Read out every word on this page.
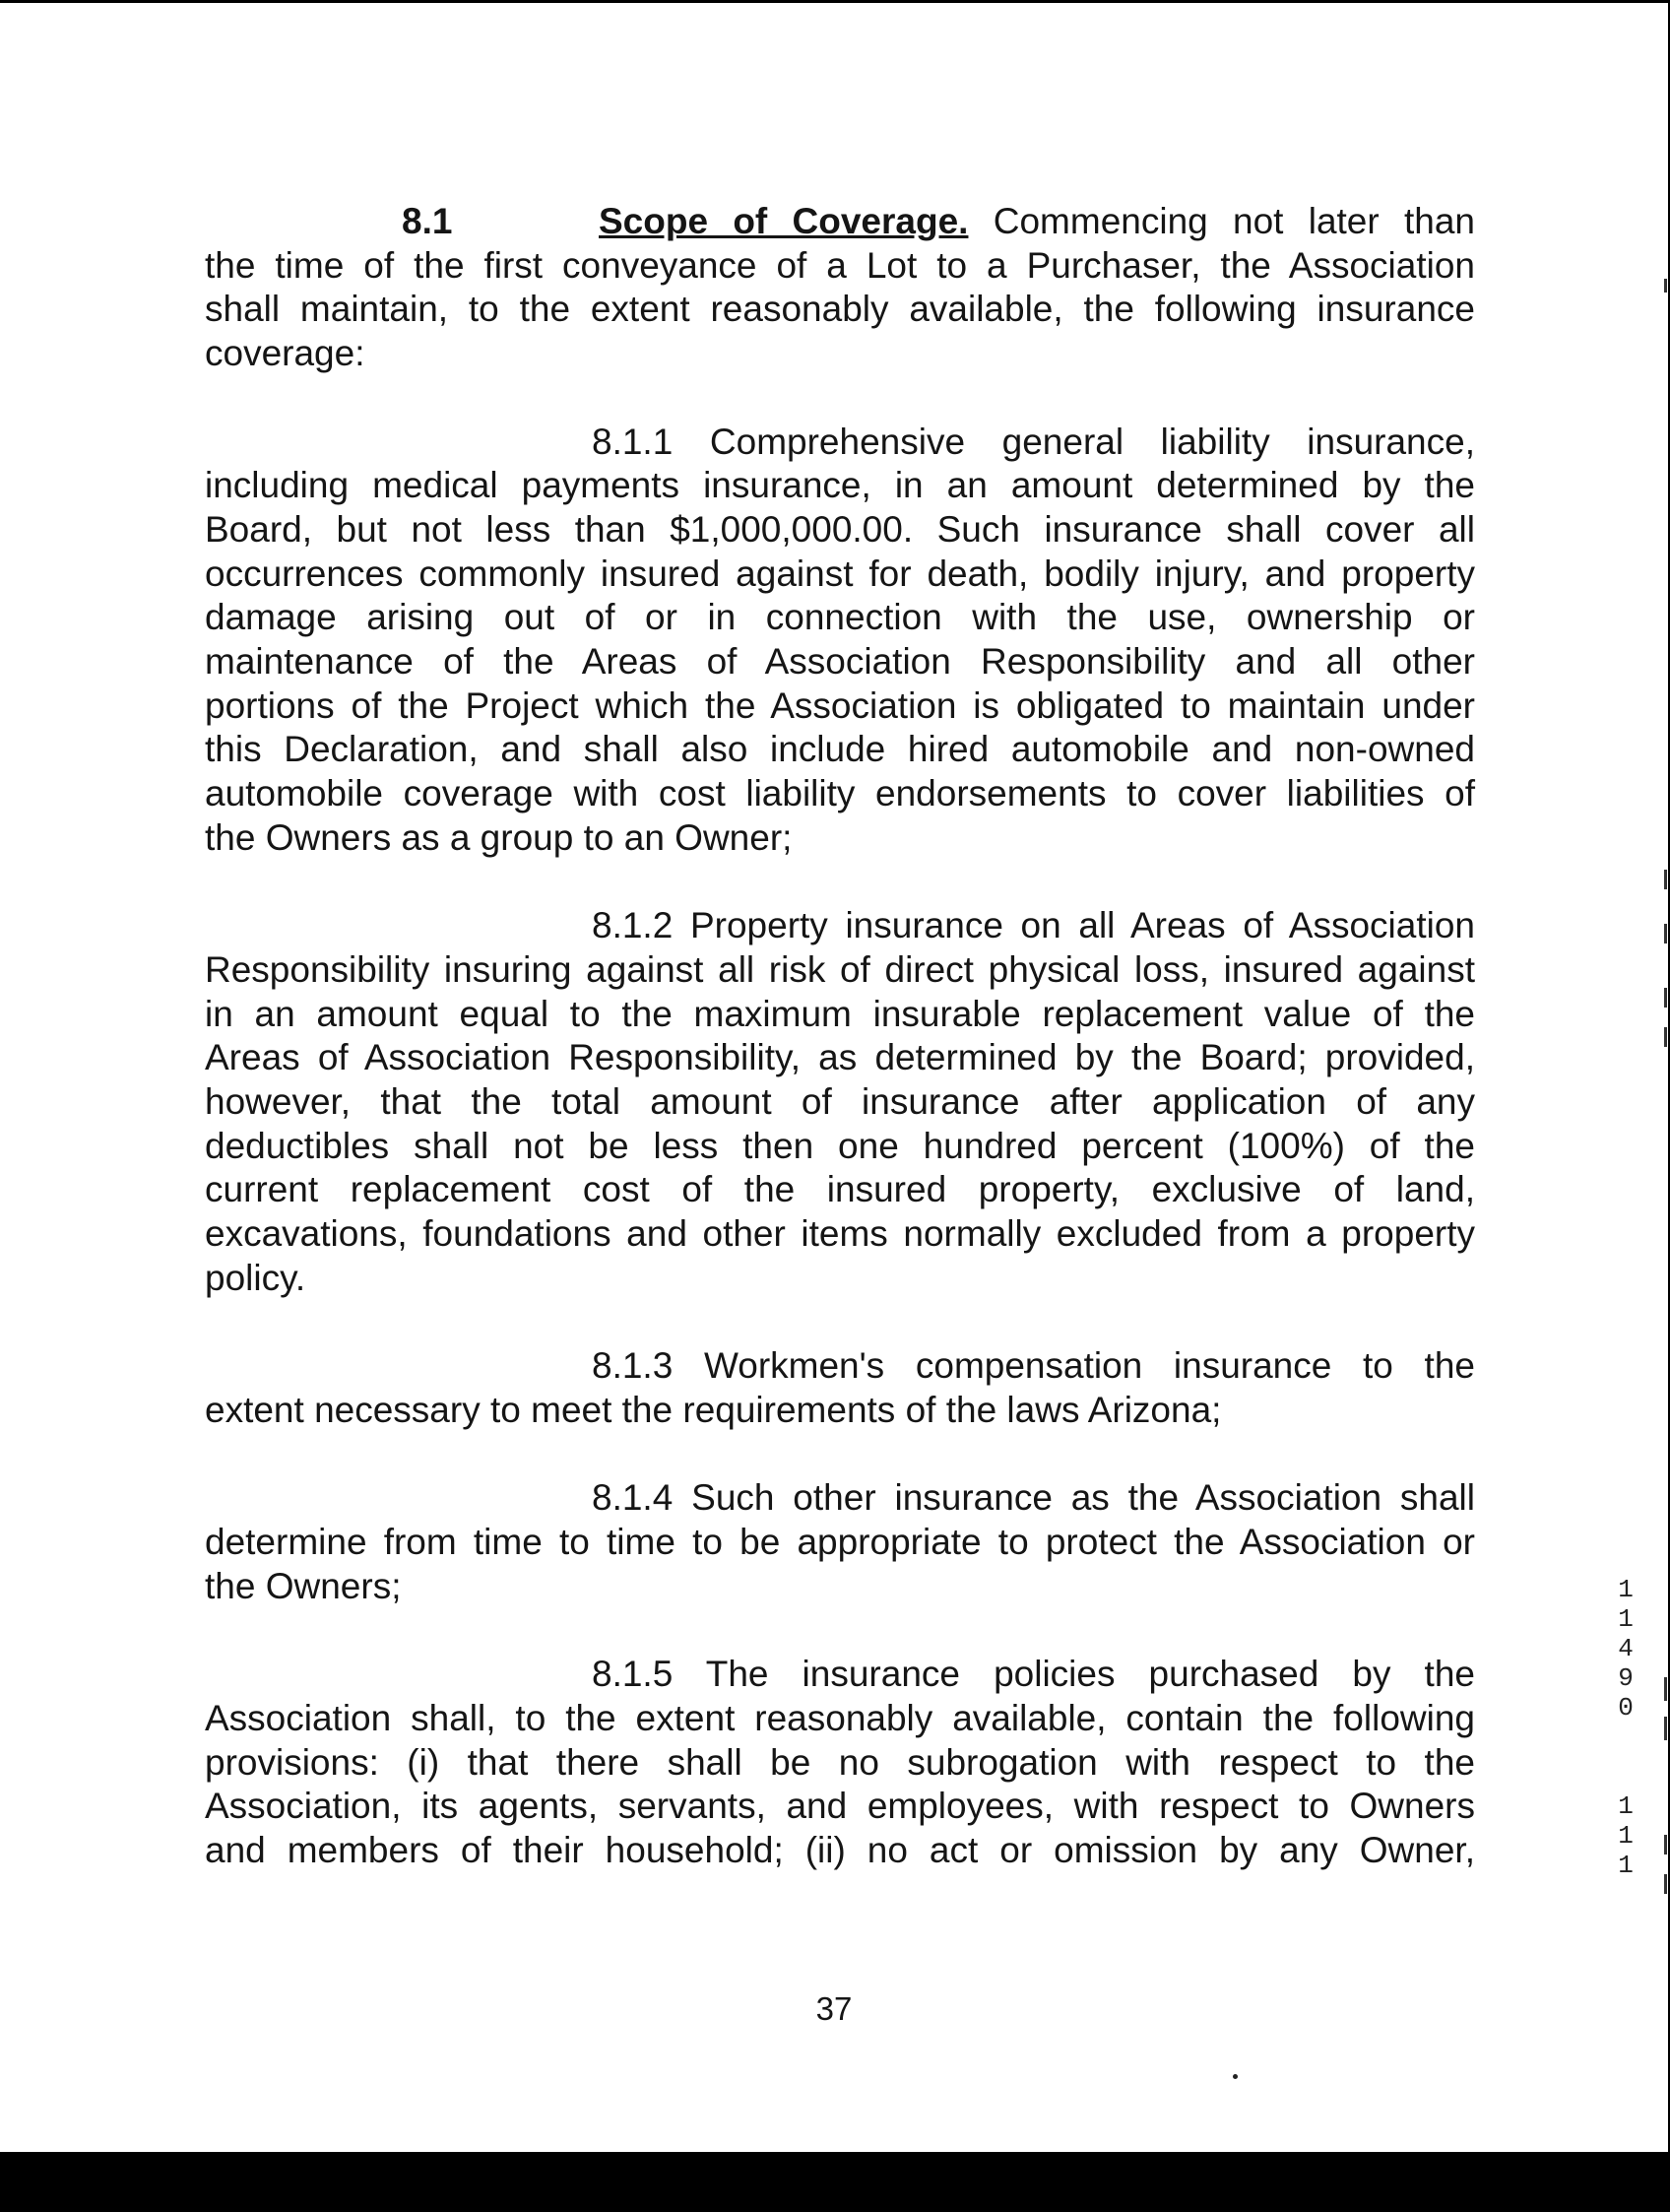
8.1	Scope of Coverage. Commencing not later than
the time of the first conveyance of a Lot to a Purchaser, the Association
shall maintain, to the extent reasonably available, the following insurance
coverage:
8.1.1 Comprehensive general liability insurance,
including medical payments insurance, in an amount determined by the
Board, but not less than $1,000,000.00. Such insurance shall cover all
occurrences commonly insured against for death, bodily injury, and property
damage arising out of or in connection with the use, ownership or
maintenance of the Areas of Association Responsibility and all other
portions of the Project which the Association is obligated to maintain under
this Declaration, and shall also include hired automobile and non-owned
automobile coverage with cost liability endorsements to cover liabilities of
the Owners as a group to an Owner;
8.1.2 Property insurance on all Areas of Association
Responsibility insuring against all risk of direct physical loss, insured against
in an amount equal to the maximum insurable replacement value of the
Areas of Association Responsibility, as determined by the Board; provided,
however, that the total amount of insurance after application of any
deductibles shall not be less then one hundred percent (100%) of the
current replacement cost of the insured property, exclusive of land,
excavations, foundations and other items normally excluded from a property
policy.
8.1.3 Workmen's compensation insurance to the
extent necessary to meet the requirements of the laws Arizona;
8.1.4 Such other insurance as the Association shall
determine from time to time to be appropriate to protect the Association or
the Owners;
8.1.5 The insurance policies purchased by the
Association shall, to the extent reasonably available, contain the following
provisions: (i) that there shall be no subrogation with respect to the
Association, its agents, servants, and employees, with respect to Owners
and members of their household; (ii) no act or omission by any Owner,
37
1
1
4
9
0
1
1
1
